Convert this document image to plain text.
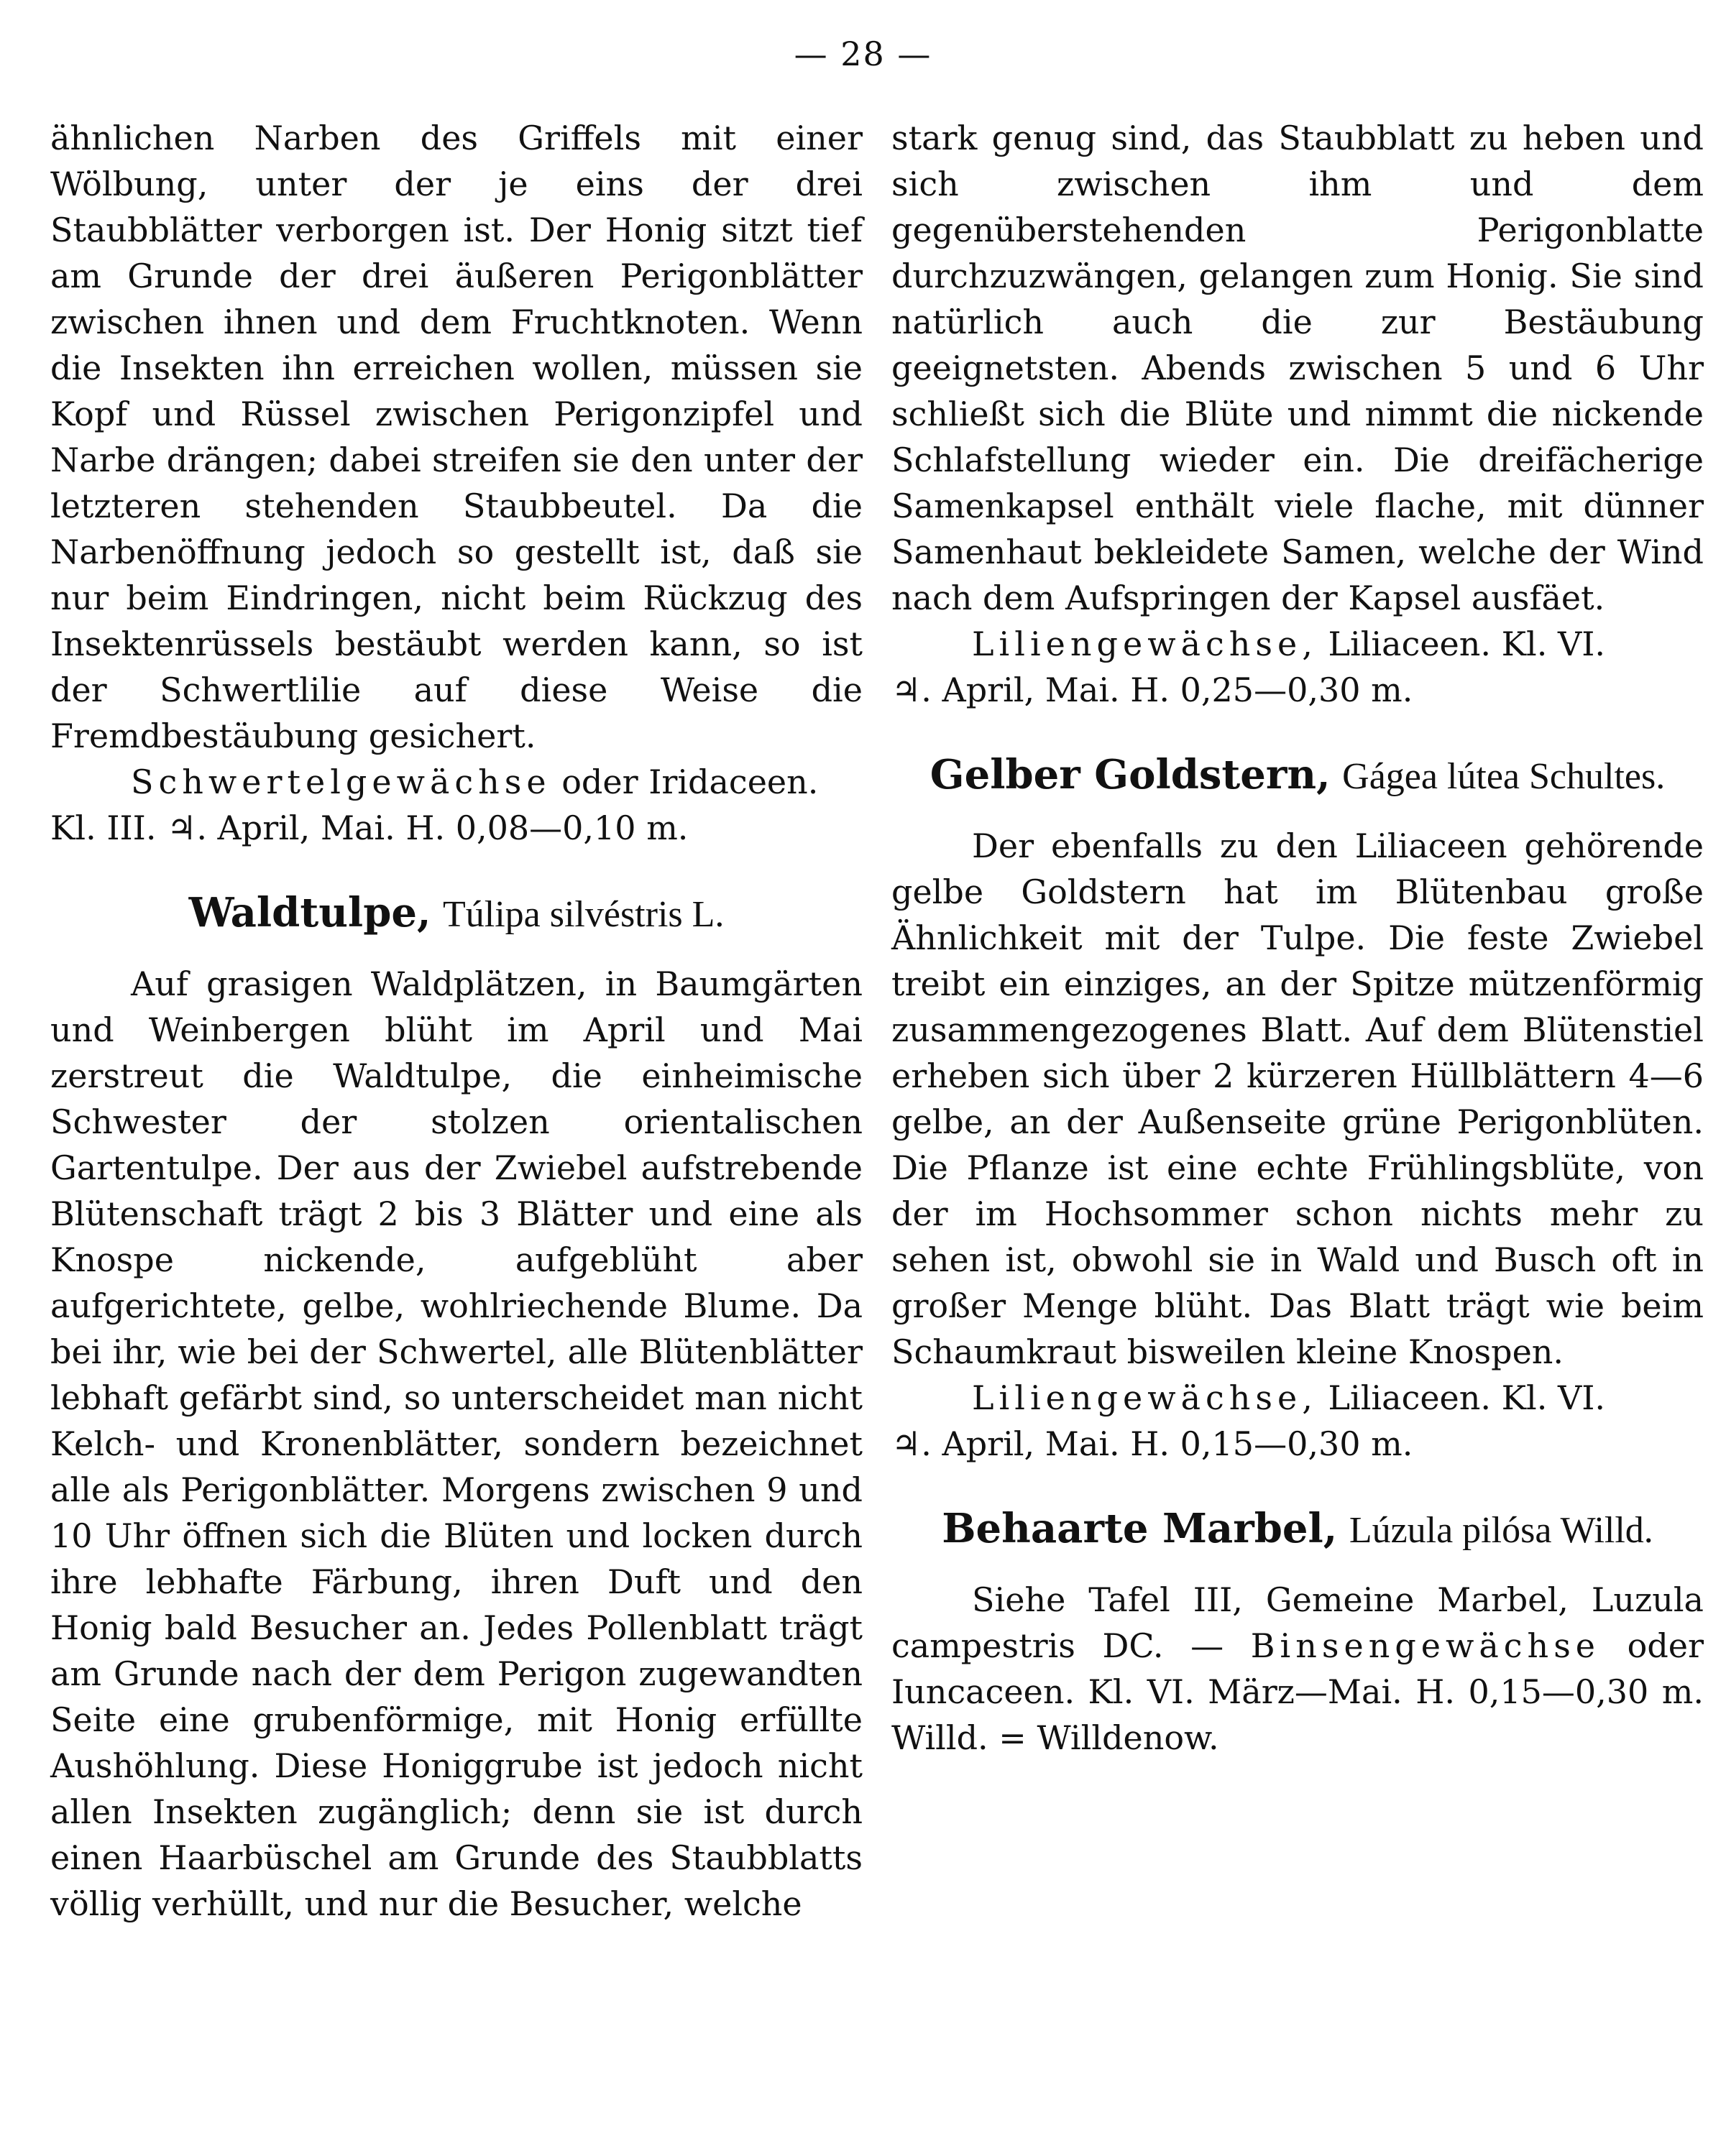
— 28 —

ähnlichen Narben des Griffels mit einer Wölbung, unter der je eins der drei Staubblätter verborgen ist. Der Honig sitzt tief am Grunde der drei äußeren Perigonblätter zwischen ihnen und dem Fruchtknoten. Wenn die Insekten ihn erreichen wollen, müssen sie Kopf und Rüssel zwischen Perigonzipfel und Narbe drängen; dabei streifen sie den unter der letzteren stehenden Staubbeutel. Da die Narbenöffnung jedoch so gestellt ist, daß sie nur beim Eindringen, nicht beim Rückzug des Insektenrüssels bestäubt werden kann, so ist der Schwertlilie auf diese Weise die Fremdbestäubung gesichert.

Schwertelgewächse oder Iridaceen. Kl. III. ♃. April, Mai. H. 0,08—0,10 m.

Waldtulpe, Túlipa silvéstris L.

Auf grasigen Waldplätzen, in Baumgärten und Weinbergen blüht im April und Mai zerstreut die Waldtulpe, die einheimische Schwester der stolzen orientalischen Gartentulpe. Der aus der Zwiebel aufstrebende Blütenschaft trägt 2 bis 3 Blätter und eine als Knospe nickende, aufgeblüht aber aufgerichtete, gelbe, wohlriechende Blume. Da bei ihr, wie bei der Schwertel, alle Blütenblätter lebhaft gefärbt sind, so unterscheidet man nicht Kelch- und Kronenblätter, sondern bezeichnet alle als Perigonblätter. Morgens zwischen 9 und 10 Uhr öffnen sich die Blüten und locken durch ihre lebhafte Färbung, ihren Duft und den Honig bald Besucher an. Jedes Pollenblatt trägt am Grunde nach der dem Perigon zugewandten Seite eine grubenförmige, mit Honig erfüllte Aushöhlung. Diese Honiggrube ist jedoch nicht allen Insekten zugänglich; denn sie ist durch einen Haarbüschel am Grunde des Staubblatts völlig verhüllt, und nur die Besucher, welche

stark genug sind, das Staubblatt zu heben und sich zwischen ihm und dem gegenüberstehenden Perigonblatte durchzuzwängen, gelangen zum Honig. Sie sind natürlich auch die zur Bestäubung geeignetsten. Abends zwischen 5 und 6 Uhr schließt sich die Blüte und nimmt die nickende Schlafstellung wieder ein. Die dreifächerige Samenkapsel enthält viele flache, mit dünner Samenhaut bekleidete Samen, welche der Wind nach dem Aufspringen der Kapsel ausfäet.

Liliengewächse, Liliaceen. Kl. VI.

♃. April, Mai. H. 0,25—0,30 m.

Gelber Goldstern, Gágea lútea Schultes.

Der ebenfalls zu den Liliaceen gehörende gelbe Goldstern hat im Blütenbau große Ähnlichkeit mit der Tulpe. Die feste Zwiebel treibt ein einziges, an der Spitze mützenförmig zusammengezogenes Blatt. Auf dem Blütenstiel erheben sich über 2 kürzeren Hüllblättern 4—6 gelbe, an der Außenseite grüne Perigonblüten. Die Pflanze ist eine echte Frühlingsblüte, von der im Hochsommer schon nichts mehr zu sehen ist, obwohl sie in Wald und Busch oft in großer Menge blüht. Das Blatt trägt wie beim Schaumkraut bisweilen kleine Knospen.

Liliengewächse, Liliaceen. Kl. VI.

♃. April, Mai. H. 0,15—0,30 m.

Behaarte Marbel, Lúzula pilósa Willd.

Siehe Tafel III, Gemeine Marbel, Luzula campestris DC. — Binsengewächse oder Iuncaceen. Kl. VI. März—Mai. H. 0,15—0,30 m. Willd. = Willdenow.
